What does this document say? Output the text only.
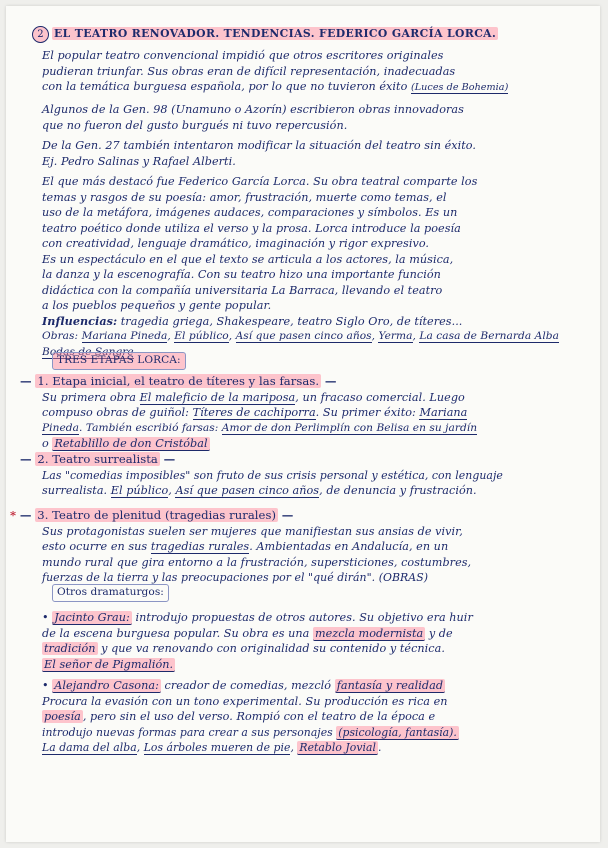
2 EL TEATRO RENOVADOR. TENDENCIAS. FEDERICO GARCÍA LORCA.

El popular teatro convencional impidió que otros escritores originales

pudieran triunfar. Sus obras eran de difícil representación, inadecuadas

con la temática burguesa española, por lo que no tuvieron éxito (Luces de Bohemia)

Algunos de la Gen. 98 (Unamuno o Azorín) escribieron obras innovadoras

que no fueron del gusto burgués ni tuvo repercusión.

De la Gen. 27 también intentaron modificar la situación del teatro sin éxito.

Ej. Pedro Salinas y Rafael Alberti.

El que más destacó fue Federico García Lorca. Su obra teatral comparte los

temas y rasgos de su poesía: amor, frustración, muerte como temas, el

uso de la metáfora, imágenes audaces, comparaciones y símbolos. Es un

teatro poético donde utiliza el verso y la prosa. Lorca introduce la poesía

con creatividad, lenguaje dramático, imaginación y rigor expresivo.

Es un espectáculo en el que el texto se articula a los actores, la música,

la danza y la escenografía. Con su teatro hizo una importante función

didáctica con la compañía universitaria La Barraca, llevando el teatro

a los pueblos pequeños y gente popular.

Influencias: tragedia griega, Shakespeare, teatro Siglo Oro, de títeres...

Obras: Mariana Pineda, El público, Así que pasen cinco años, Yerma, La casa de Bernarda Alba

Bodas de Sangre

TRES ETAPAS LORCA:

— 1. Etapa inicial, el teatro de títeres y las farsas. —

Su primera obra El maleficio de la mariposa, un fracaso comercial. Luego

compuso obras de guiñol: Títeres de cachiporra. Su primer éxito: Mariana

Pineda. También escribió farsas: Amor de don Perlimplín con Belisa en su jardín

o Retablillo de don Cristóbal

— 2. Teatro surrealista —

Las "comedias imposibles" son fruto de sus crisis personal y estética, con lenguaje

surrealista. El público, Así que pasen cinco años, de denuncia y frustración.

* — 3. Teatro de plenitud (tragedias rurales) —

Sus protagonistas suelen ser mujeres que manifiestan sus ansias de vivir,

esto ocurre en sus tragedias rurales. Ambientadas en Andalucía, en un

mundo rural que gira entorno a la frustración, supersticiones, costumbres,

fuerzas de la tierra y las preocupaciones por el "qué dirán". (OBRAS)

Otros dramaturgos:

• Jacinto Grau: introdujo propuestas de otros autores. Su objetivo era huir

de la escena burguesa popular. Su obra es una mezcla modernista y de

tradición y que va renovando con originalidad su contenido y técnica.

El señor de Pigmalión.

• Alejandro Casona: creador de comedias, mezcló fantasía y realidad

Procura la evasión con un tono experimental. Su producción es rica en

poesía , pero sin el uso del verso. Rompió con el teatro de la época e

introdujo nuevas formas para crear a sus personajes (psicología, fantasía).

La dama del alba, Los árboles mueren de pie, Retablo Jovial .
